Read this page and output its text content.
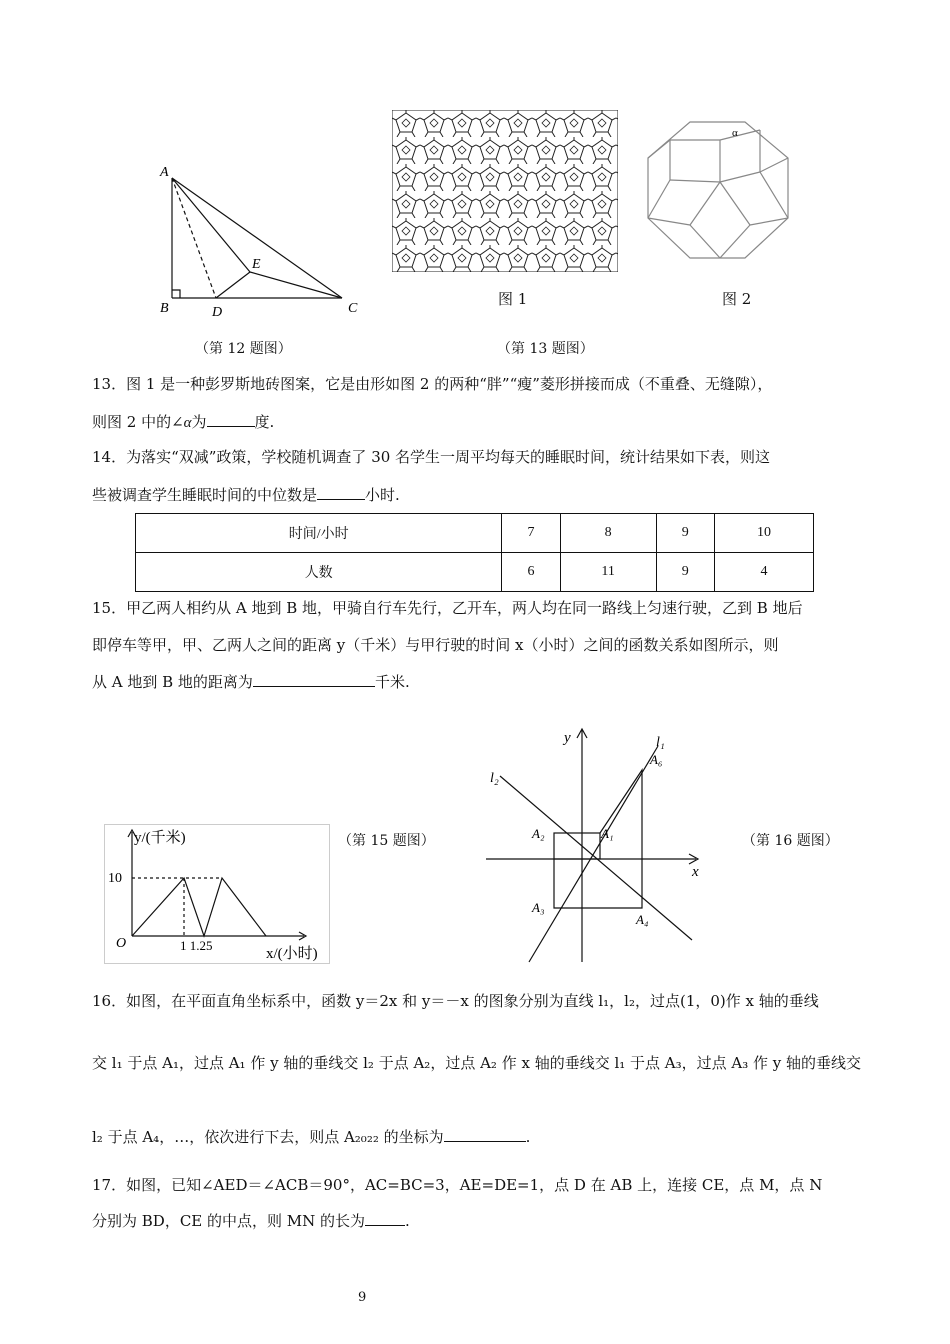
A
B	D
E
C
图 1
α
图 2
（第 12 题图）	（第 13 题图）
13．图 1 是一种彭罗斯地砖图案，它是由形如图 2 的两种“胖”“瘦”菱形拼接而成（不重叠、无缝隙），
则图 2 中的∠α为	度.
14．为落实“双减”政策，学校随机调查了 30 名学生一周平均每天的睡眠时间，统计结果如下表，则这
些被调查学生睡眠时间的中位数是	小时.
时间/小时	7	8	9	10
人数	6	11	9	4
15．甲乙两人相约从 A 地到 B 地，甲骑自行车先行，乙开车，两人均在同一路线上匀速行驶，乙到 B 地后
即停车等甲，甲、乙两人之间的距离 y（千米）与甲行驶的时间 x（小时）之间的函数关系如图所示，则
从 A 地到 B 地的距离为	千米.
y/(千米)
10
O	1 1.25
x/(小时)
（第 15 题图）
y
x
l₁
l₂
A₆
A₁
A₂
A₃
A₄
（第 16 题图）
16．如图，在平面直角坐标系中，函数 y＝2x 和 y＝－x 的图象分别为直线 l₁，l₂，过点(1，0)作 x 轴的垂线
交 l₁ 于点 A₁，过点 A₁ 作 y 轴的垂线交 l₂ 于点 A₂，过点 A₂ 作 x 轴的垂线交 l₁ 于点 A₃，过点 A₃ 作 y 轴的垂线交
l₂ 于点 A₄，…，依次进行下去，则点 A₂₀₂₂ 的坐标为	.
17．如图，已知∠AED＝∠ACB＝90°，AC=BC=3，AE=DE=1，点 D 在 AB 上，连接 CE，点 M，点 N
分别为 BD，CE 的中点，则 MN 的长为	.
9
